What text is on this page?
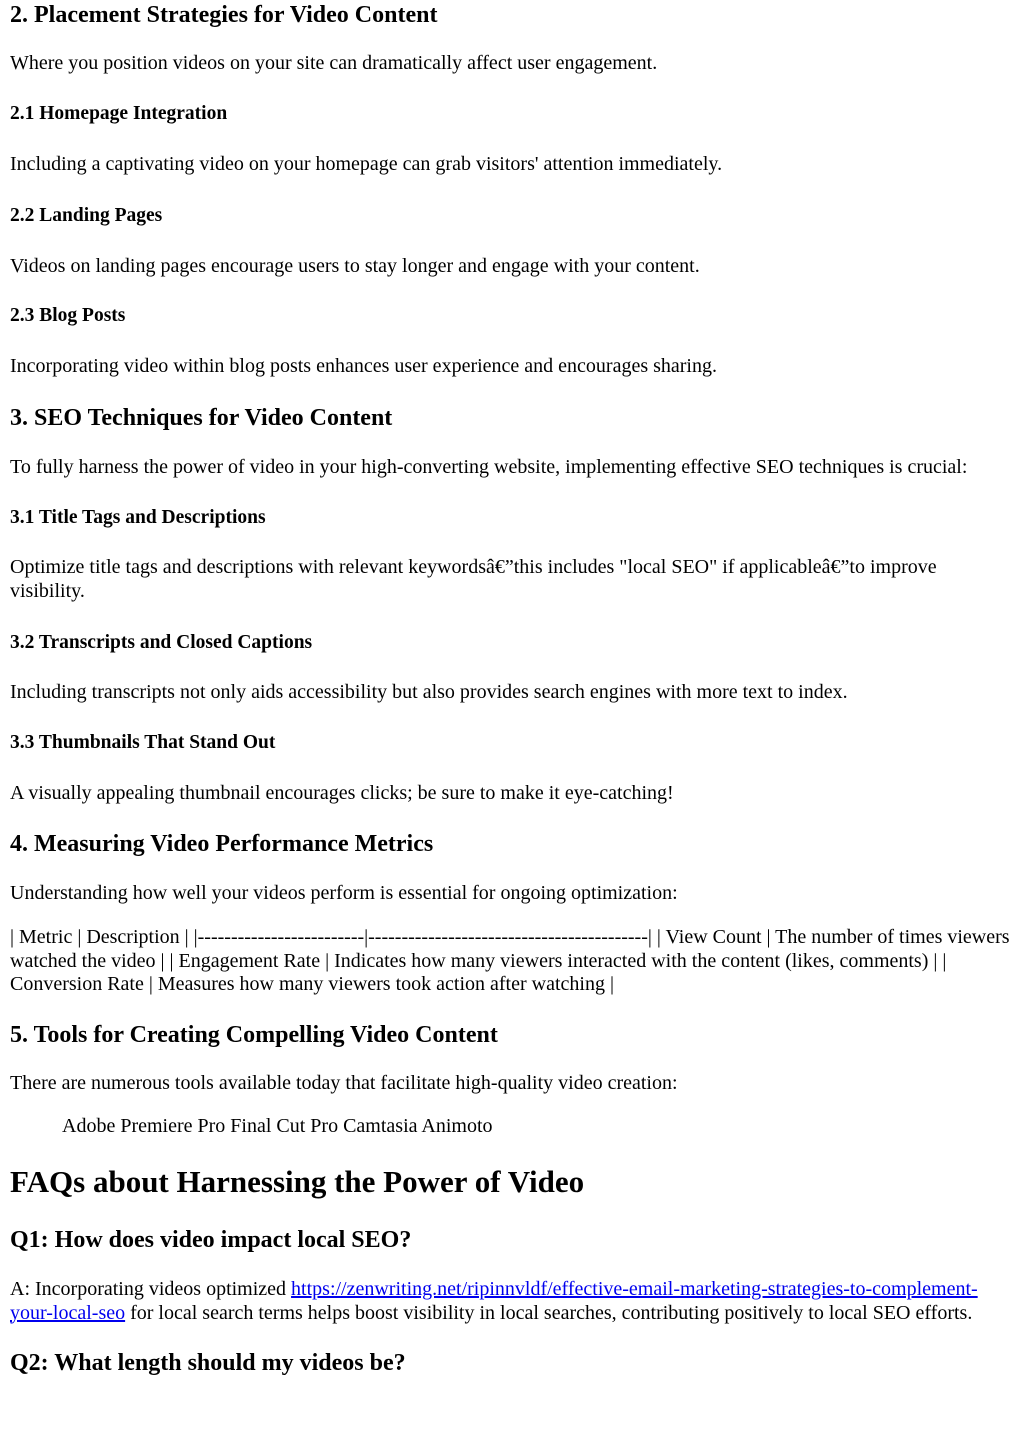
2. Placement Strategies for Video Content

Where you position videos on your site can dramatically affect user engagement.

2.1 Homepage Integration

Including a captivating video on your homepage can grab visitors' attention immediately.

2.2 Landing Pages

Videos on landing pages encourage users to stay longer and engage with your content.

2.3 Blog Posts

Incorporating video within blog posts enhances user experience and encourages sharing.

3. SEO Techniques for Video Content

To fully harness the power of video in your high-converting website, implementing effective SEO techniques is crucial:

3.1 Title Tags and Descriptions

Optimize title tags and descriptions with relevant keywordsâ€”this includes "local SEO" if applicableâ€”to improve visibility.

3.2 Transcripts and Closed Captions

Including transcripts not only aids accessibility but also provides search engines with more text to index.

3.3 Thumbnails That Stand Out

A visually appealing thumbnail encourages clicks; be sure to make it eye-catching!

4. Measuring Video Performance Metrics

Understanding how well your videos perform is essential for ongoing optimization:

| Metric | Description | |-------------------------|------------------------------------------| | View Count | The number of times viewers watched the video | | Engagement Rate | Indicates how many viewers interacted with the content (likes, comments) | | Conversion Rate | Measures how many viewers took action after watching |

5. Tools for Creating Compelling Video Content

There are numerous tools available today that facilitate high-quality video creation:

Adobe Premiere Pro Final Cut Pro Camtasia Animoto

FAQs about Harnessing the Power of Video
Q1: How does video impact local SEO?

A: Incorporating videos optimized https://zenwriting.net/ripinnvldf/effective-email-marketing-strategies-to-complement-your-local-seo for local search terms helps boost visibility in local searches, contributing positively to local SEO efforts.

Q2: What length should my videos be?
